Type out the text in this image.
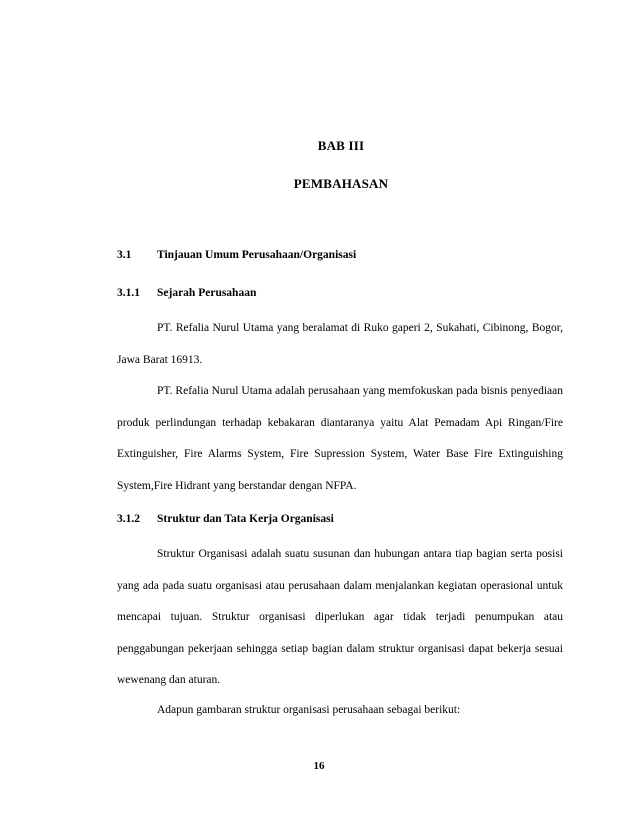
BAB III
PEMBAHASAN
3.1 Tinjauan Umum Perusahaan/Organisasi
3.1.1 Sejarah Perusahaan

PT. Refalia Nurul Utama yang beralamat di Ruko gaperi 2, Sukahati, Cibinong, Bogor, Jawa Barat 16913.

PT. Refalia Nurul Utama adalah perusahaan yang memfokuskan pada bisnis penyediaan produk perlindungan terhadap kebakaran diantaranya yaitu Alat Pemadam Api Ringan/Fire Extinguisher, Fire Alarms System, Fire Supression System, Water Base Fire Extinguishing System,Fire Hidrant yang berstandar dengan NFPA.

3.1.2 Struktur dan Tata Kerja Organisasi

Struktur Organisasi adalah suatu susunan dan hubungan antara tiap bagian serta posisi yang ada pada suatu organisasi atau perusahaan dalam menjalankan kegiatan operasional untuk mencapai tujuan. Struktur organisasi diperlukan agar tidak terjadi penumpukan atau penggabungan pekerjaan sehingga setiap bagian dalam struktur organisasi dapat bekerja sesuai wewenang dan aturan.

Adapun gambaran struktur organisasi perusahaan sebagai berikut:

16
